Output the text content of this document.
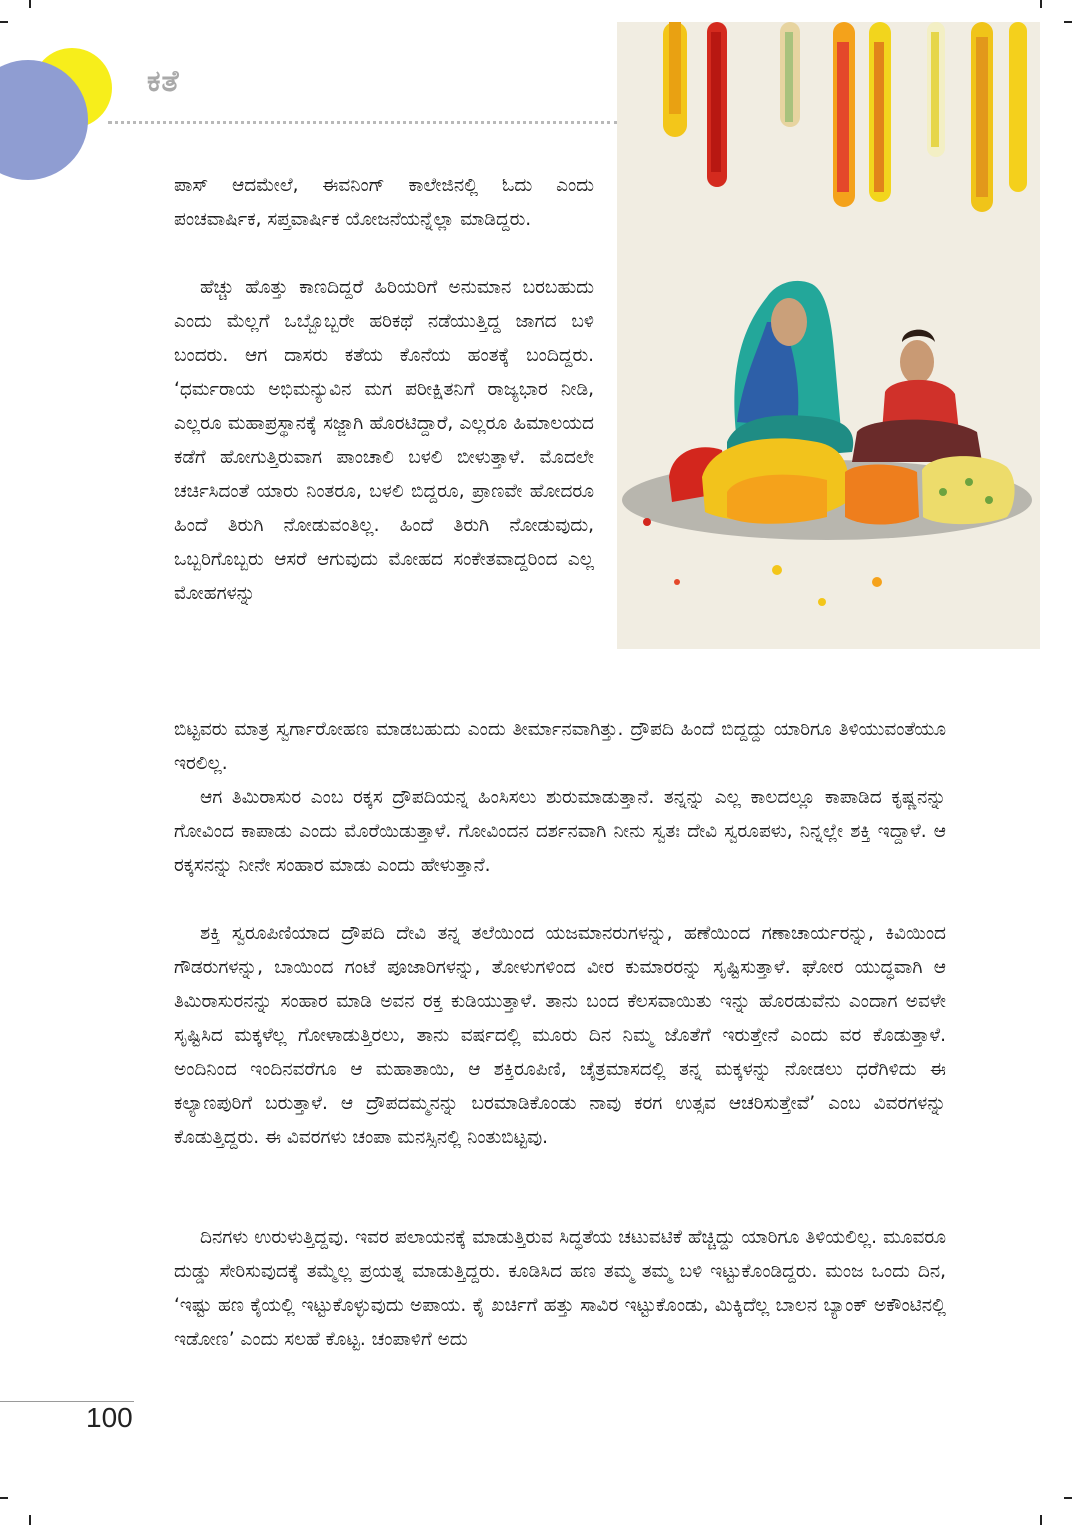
ಕತೆ

ಪಾಸ್ ಆದಮೇಲೆ, ಈವನಿಂಗ್ ಕಾಲೇಜಿನಲ್ಲಿ ಓದು ಎಂದು ಪಂಚವಾರ್ಷಿಕ, ಸಪ್ತವಾರ್ಷಿಕ ಯೋಜನೆಯನ್ನೆಲ್ಲಾ ಮಾಡಿದ್ದರು.

ಹೆಚ್ಚು ಹೊತ್ತು ಕಾಣದಿದ್ದರೆ ಹಿರಿಯರಿಗೆ ಅನುಮಾನ ಬರಬಹುದು ಎಂದು ಮೆಲ್ಲಗೆ ಒಬ್ಬೊಬ್ಬರೇ ಹರಿಕಥೆ ನಡೆಯುತ್ತಿದ್ದ ಜಾಗದ ಬಳಿ ಬಂದರು. ಆಗ ದಾಸರು ಕತೆಯ ಕೊನೆಯ ಹಂತಕ್ಕೆ ಬಂದಿದ್ದರು. ‘ಧರ್ಮರಾಯ ಅಭಿಮನ್ಯುವಿನ ಮಗ ಪರೀಕ್ಷಿತನಿಗೆ ರಾಜ್ಯಭಾರ ನೀಡಿ, ಎಲ್ಲರೂ ಮಹಾಪ್ರಸ್ಥಾನಕ್ಕೆ ಸಜ್ಜಾಗಿ ಹೊರಟಿದ್ದಾರೆ, ಎಲ್ಲರೂ ಹಿಮಾಲಯದ ಕಡೆಗೆ ಹೋಗುತ್ತಿರುವಾಗ ಪಾಂಚಾಲಿ ಬಳಲಿ ಬೀಳುತ್ತಾಳೆ. ಮೊದಲೇ ಚರ್ಚಿಸಿದಂತೆ ಯಾರು ನಿಂತರೂ, ಬಳಲಿ ಬಿದ್ದರೂ, ಪ್ರಾಣವೇ ಹೋದರೂ ಹಿಂದೆ ತಿರುಗಿ ನೋಡುವಂತಿಲ್ಲ. ಹಿಂದೆ ತಿರುಗಿ ನೋಡುವುದು, ಒಬ್ಬರಿಗೊಬ್ಬರು ಆಸರೆ ಆಗುವುದು ಮೋಹದ ಸಂಕೇತವಾದ್ದರಿಂದ ಎಲ್ಲ ಮೋಹಗಳನ್ನು

ಬಿಟ್ಟವರು ಮಾತ್ರ ಸ್ವರ್ಗಾರೋಹಣ ಮಾಡಬಹುದು ಎಂದು ತೀರ್ಮಾನವಾಗಿತ್ತು. ದ್ರೌಪದಿ ಹಿಂದೆ ಬಿದ್ದದ್ದು ಯಾರಿಗೂ ತಿಳಿಯುವಂತೆಯೂ ಇರಲಿಲ್ಲ.

ಆಗ ತಿಮಿರಾಸುರ ಎಂಬ ರಕ್ಕಸ ದ್ರೌಪದಿಯನ್ನ ಹಿಂಸಿಸಲು ಶುರುಮಾಡುತ್ತಾನೆ. ತನ್ನನ್ನು ಎಲ್ಲ ಕಾಲದಲ್ಲೂ ಕಾಪಾಡಿದ ಕೃಷ್ಣನನ್ನು ಗೋವಿಂದ ಕಾಪಾಡು ಎಂದು ಮೊರೆಯಿಡುತ್ತಾಳೆ. ಗೋವಿಂದನ ದರ್ಶನವಾಗಿ ನೀನು ಸ್ವತಃ ದೇವಿ ಸ್ವರೂಪಳು, ನಿನ್ನಲ್ಲೇ ಶಕ್ತಿ ಇದ್ದಾಳೆ. ಆ ರಕ್ಕಸನನ್ನು ನೀನೇ ಸಂಹಾರ ಮಾಡು ಎಂದು ಹೇಳುತ್ತಾನೆ.

ಶಕ್ತಿ ಸ್ವರೂಪಿಣಿಯಾದ ದ್ರೌಪದಿ ದೇವಿ ತನ್ನ ತಲೆಯಿಂದ ಯಜಮಾನರುಗಳನ್ನು, ಹಣೆಯಿಂದ ಗಣಾಚಾರ್ಯರನ್ನು, ಕಿವಿಯಿಂದ ಗೌಡರುಗಳನ್ನು, ಬಾಯಿಂದ ಗಂಟೆ ಪೂಜಾರಿಗಳನ್ನು, ತೋಳುಗಳಿಂದ ವೀರ ಕುಮಾರರನ್ನು ಸೃಷ್ಟಿಸುತ್ತಾಳೆ. ಘೋರ ಯುದ್ಧವಾಗಿ ಆ ತಿಮಿರಾಸುರನನ್ನು ಸಂಹಾರ ಮಾಡಿ ಅವನ ರಕ್ತ ಕುಡಿಯುತ್ತಾಳೆ. ತಾನು ಬಂದ ಕೆಲಸವಾಯಿತು ಇನ್ನು ಹೊರಡುವೆನು ಎಂದಾಗ ಅವಳೇ ಸೃಷ್ಟಿಸಿದ ಮಕ್ಕಳೆಲ್ಲ ಗೋಳಾಡುತ್ತಿರಲು, ತಾನು ವರ್ಷದಲ್ಲಿ ಮೂರು ದಿನ ನಿಮ್ಮ ಜೊತೆಗೆ ಇರುತ್ತೇನೆ ಎಂದು ವರ ಕೊಡುತ್ತಾಳೆ. ಅಂದಿನಿಂದ ಇಂದಿನವರೆಗೂ ಆ ಮಹಾತಾಯಿ, ಆ ಶಕ್ತಿರೂಪಿಣಿ, ಚೈತ್ರಮಾಸದಲ್ಲಿ ತನ್ನ ಮಕ್ಕಳನ್ನು ನೋಡಲು ಧರೆಗಿಳಿದು ಈ ಕಲ್ಯಾಣಪುರಿಗೆ ಬರುತ್ತಾಳೆ. ಆ ದ್ರೌಪದಮ್ಮನನ್ನು ಬರಮಾಡಿಕೊಂಡು ನಾವು ಕರಗ ಉತ್ಸವ ಆಚರಿಸುತ್ತೇವೆ’ ಎಂಬ ವಿವರಗಳನ್ನು ಕೊಡುತ್ತಿದ್ದರು. ಈ ವಿವರಗಳು ಚಂಪಾ ಮನಸ್ಸಿನಲ್ಲಿ ನಿಂತುಬಿಟ್ಟವು.

ದಿನಗಳು ಉರುಳುತ್ತಿದ್ದವು. ಇವರ ಪಲಾಯನಕ್ಕೆ ಮಾಡುತ್ತಿರುವ ಸಿದ್ಧತೆಯ ಚಟುವಟಿಕೆ ಹೆಚ್ಚಿದ್ದು ಯಾರಿಗೂ ತಿಳಿಯಲಿಲ್ಲ. ಮೂವರೂ ದುಡ್ಡು ಸೇರಿಸುವುದಕ್ಕೆ ತಮ್ಮೆಲ್ಲ ಪ್ರಯತ್ನ ಮಾಡುತ್ತಿದ್ದರು. ಕೂಡಿಸಿದ ಹಣ ತಮ್ಮ ತಮ್ಮ ಬಳಿ ಇಟ್ಟುಕೊಂಡಿದ್ದರು. ಮಂಜ ಒಂದು ದಿನ, ‘ಇಷ್ಟು ಹಣ ಕೈಯಲ್ಲಿ ಇಟ್ಟುಕೊಳ್ಳುವುದು ಅಪಾಯ. ಕೈ ಖರ್ಚಿಗೆ ಹತ್ತು ಸಾವಿರ ಇಟ್ಟುಕೊಂಡು, ಮಿಕ್ಕಿದೆಲ್ಲ ಬಾಲನ ಬ್ಯಾಂಕ್ ಅಕೌಂಟಿನಲ್ಲಿ ಇಡೋಣ’ ಎಂದು ಸಲಹೆ ಕೊಟ್ಟ. ಚಂಪಾಳಿಗೆ ಅದು

100
